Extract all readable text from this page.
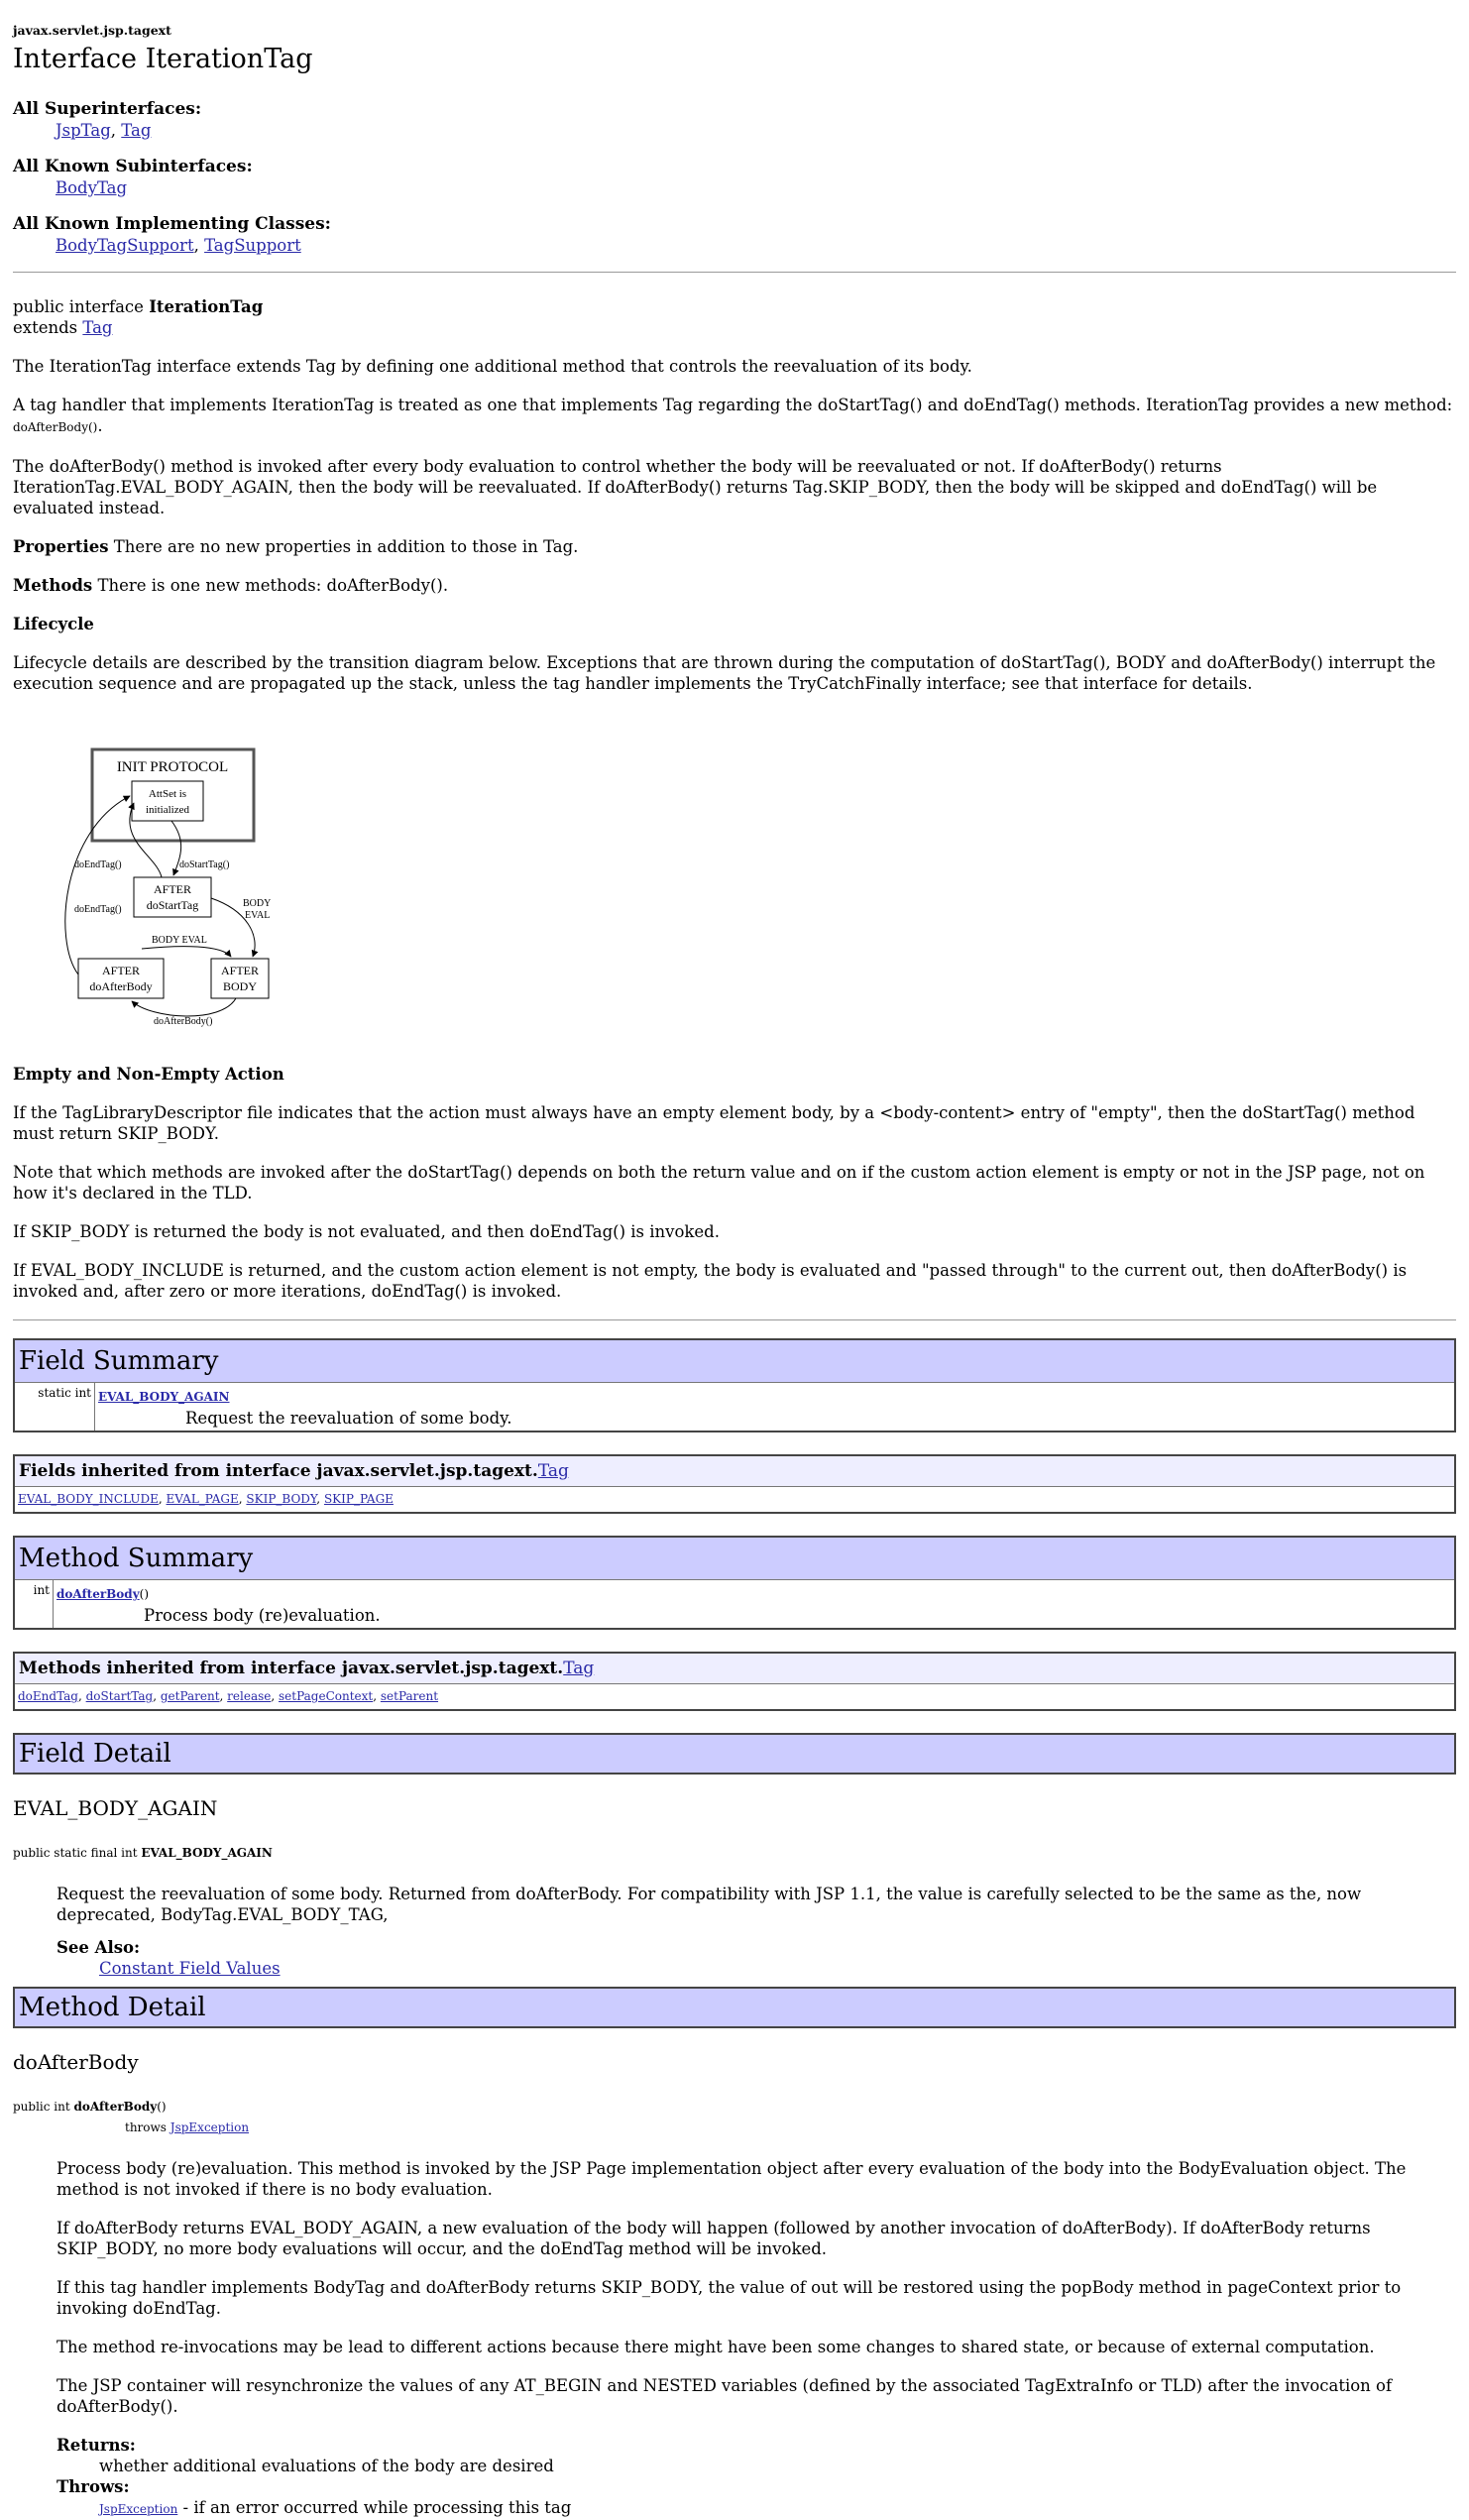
javax.servlet.jsp.tagext
Interface IterationTag
All Superinterfaces:
JspTag, Tag
All Known Subinterfaces:
BodyTag
All Known Implementing Classes:
BodyTagSupport, TagSupport
public interface IterationTag
extends Tag

The IterationTag interface extends Tag by defining one additional method that controls the reevaluation of its body.

A tag handler that implements IterationTag is treated as one that implements Tag regarding the doStartTag() and doEndTag() methods. IterationTag provides a new method: doAfterBody().

The doAfterBody() method is invoked after every body evaluation to control whether the body will be reevaluated or not. If doAfterBody() returns IterationTag.EVAL_BODY_AGAIN, then the body will be reevaluated. If doAfterBody() returns Tag.SKIP_BODY, then the body will be skipped and doEndTag() will be evaluated instead.

Properties There are no new properties in addition to those in Tag.

Methods There is one new methods: doAfterBody().

Lifecycle

Lifecycle details are described by the transition diagram below. Exceptions that are thrown during the computation of doStartTag(), BODY and doAfterBody() interrupt the execution sequence and are propagated up the stack, unless the tag handler implements the TryCatchFinally interface; see that interface for details.

INIT PROTOCOL
AttSet is
initialized
AFTER
doStartTag
AFTER
doAfterBody
AFTER
BODY
doEndTag()	doStartTag()
doEndTag()
BODY
EVAL
BODY EVAL
doAfterBody()

Empty and Non-Empty Action

If the TagLibraryDescriptor file indicates that the action must always have an empty element body, by a <body-content> entry of "empty", then the doStartTag() method must return SKIP_BODY.

Note that which methods are invoked after the doStartTag() depends on both the return value and on if the custom action element is empty or not in the JSP page, not on how it's declared in the TLD.

If SKIP_BODY is returned the body is not evaluated, and then doEndTag() is invoked.

If EVAL_BODY_INCLUDE is returned, and the custom action element is not empty, the body is evaluated and "passed through" to the current out, then doAfterBody() is invoked and, after zero or more iterations, doEndTag() is invoked.

Field Summary
static int	EVAL_BODY_AGAIN

Request the reevaluation of some body.
Fields inherited from interface javax.servlet.jsp.tagext.Tag
EVAL_BODY_INCLUDE, EVAL_PAGE, SKIP_BODY, SKIP_PAGE
Method Summary
int	doAfterBody()

Process body (re)evaluation.
Methods inherited from interface javax.servlet.jsp.tagext.Tag
doEndTag, doStartTag, getParent, release, setPageContext, setParent
Field Detail
EVAL_BODY_AGAIN
public static final int EVAL_BODY_AGAIN

Request the reevaluation of some body. Returned from doAfterBody. For compatibility with JSP 1.1, the value is carefully selected to be the same as the, now deprecated, BodyTag.EVAL_BODY_TAG,

See Also:
Constant Field Values
Method Detail
doAfterBody
public int doAfterBody()
throws JspException

Process body (re)evaluation. This method is invoked by the JSP Page implementation object after every evaluation of the body into the BodyEvaluation object. The method is not invoked if there is no body evaluation.

If doAfterBody returns EVAL_BODY_AGAIN, a new evaluation of the body will happen (followed by another invocation of doAfterBody). If doAfterBody returns SKIP_BODY, no more body evaluations will occur, and the doEndTag method will be invoked.

If this tag handler implements BodyTag and doAfterBody returns SKIP_BODY, the value of out will be restored using the popBody method in pageContext prior to invoking doEndTag.

The method re-invocations may be lead to different actions because there might have been some changes to shared state, or because of external computation.

The JSP container will resynchronize the values of any AT_BEGIN and NESTED variables (defined by the associated TagExtraInfo or TLD) after the invocation of doAfterBody().

Returns:
whether additional evaluations of the body are desired
Throws:
JspException - if an error occurred while processing this tag
